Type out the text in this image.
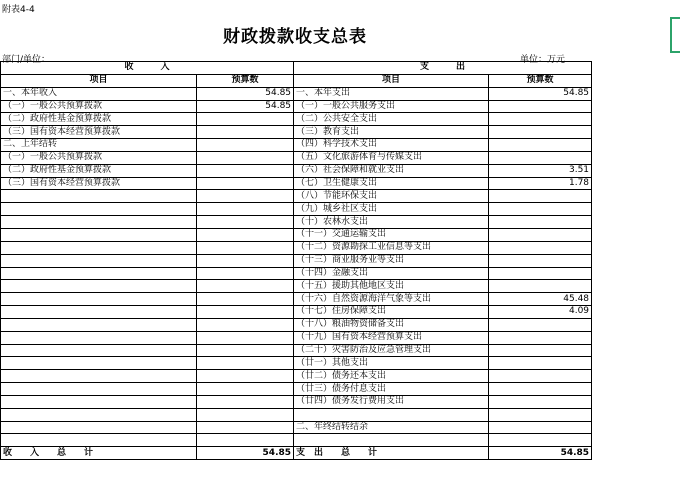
附表4-4
财政拨款收支总表
部门/单位：	单位：万元
收　　　入		支　　　出	
项目	预算数	项目	预算数
一、本年收入	54.85	一、本年支出	54.85
（一）一般公共预算拨款	54.85	（一）一般公共服务支出	
（二）政府性基金预算拨款		（二）公共安全支出	
（三）国有资本经营预算拨款		（三）教育支出	
二、上年结转		（四）科学技术支出	
（一）一般公共预算拨款		（五）文化旅游体育与传媒支出	
（二）政府性基金预算拨款		（六）社会保障和就业支出	3.51
（三）国有资本经营预算拨款		（七）卫生健康支出	1.78
		（八）节能环保支出	
		（九）城乡社区支出	
		（十）农林水支出	
		（十一）交通运输支出	
		（十二）资源勘探工业信息等支出	
		（十三）商业服务业等支出	
		（十四）金融支出	
		（十五）援助其他地区支出	
		（十六）自然资源海洋气象等支出	45.48
		（十七）住房保障支出	4.09
		（十八）粮油物资储备支出	
		（十九）国有资本经营预算支出	
		（二十）灾害防治及应急管理支出	
		（廿一）其他支出	
		（廿二）债务还本支出	
		（廿三）债务付息支出	
		（廿四）债务发行费用支出	

		二、年终结转结余	

收　　入　　总　　计	54.85	支　出　　总　　计	54.85
